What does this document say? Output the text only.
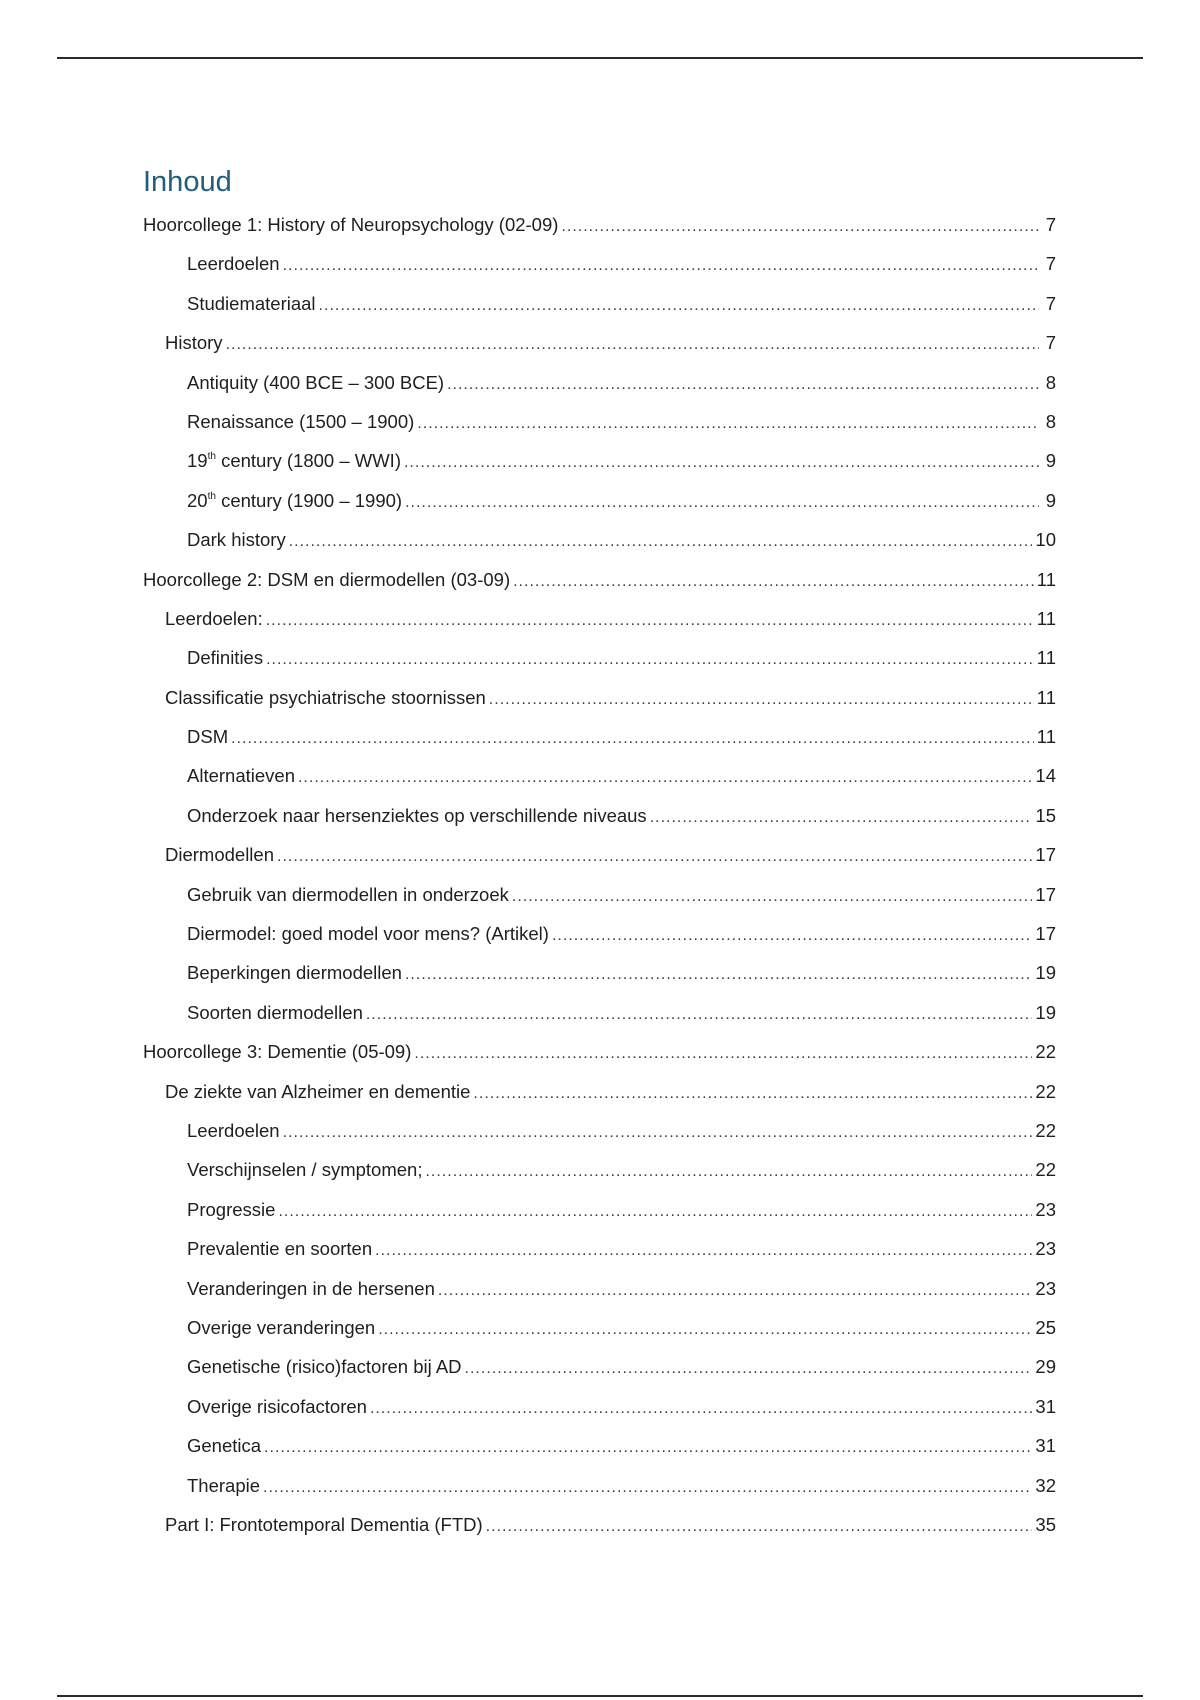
Inhoud
Hoorcollege 1: History of Neuropsychology (02-09) .....	7
Leerdoelen .....	7
Studiemateriaal .....	7
History .....	7
Antiquity (400 BCE – 300 BCE) .....	8
Renaissance (1500 – 1900) .....	8
19th century (1800 – WWI) .....	9
20th century (1900 – 1990) .....	9
Dark history .....	10
Hoorcollege 2: DSM en diermodellen (03-09) .....	11
Leerdoelen: .....	11
Definities .....	11
Classificatie psychiatrische stoornissen .....	11
DSM .....	11
Alternatieven .....	14
Onderzoek naar hersenziektes op verschillende niveaus .....	15
Diermodellen .....	17
Gebruik van diermodellen in onderzoek .....	17
Diermodel: goed model voor mens? (Artikel) .....	17
Beperkingen diermodellen .....	19
Soorten diermodellen .....	19
Hoorcollege 3: Dementie (05-09) .....	22
De ziekte van Alzheimer en dementie .....	22
Leerdoelen .....	22
Verschijnselen / symptomen; .....	22
Progressie .....	23
Prevalentie en soorten .....	23
Veranderingen in de hersenen .....	23
Overige veranderingen .....	25
Genetische (risico)factoren bij AD .....	29
Overige risicofactoren .....	31
Genetica .....	31
Therapie .....	32
Part I: Frontotemporal Dementia (FTD) .....	35
